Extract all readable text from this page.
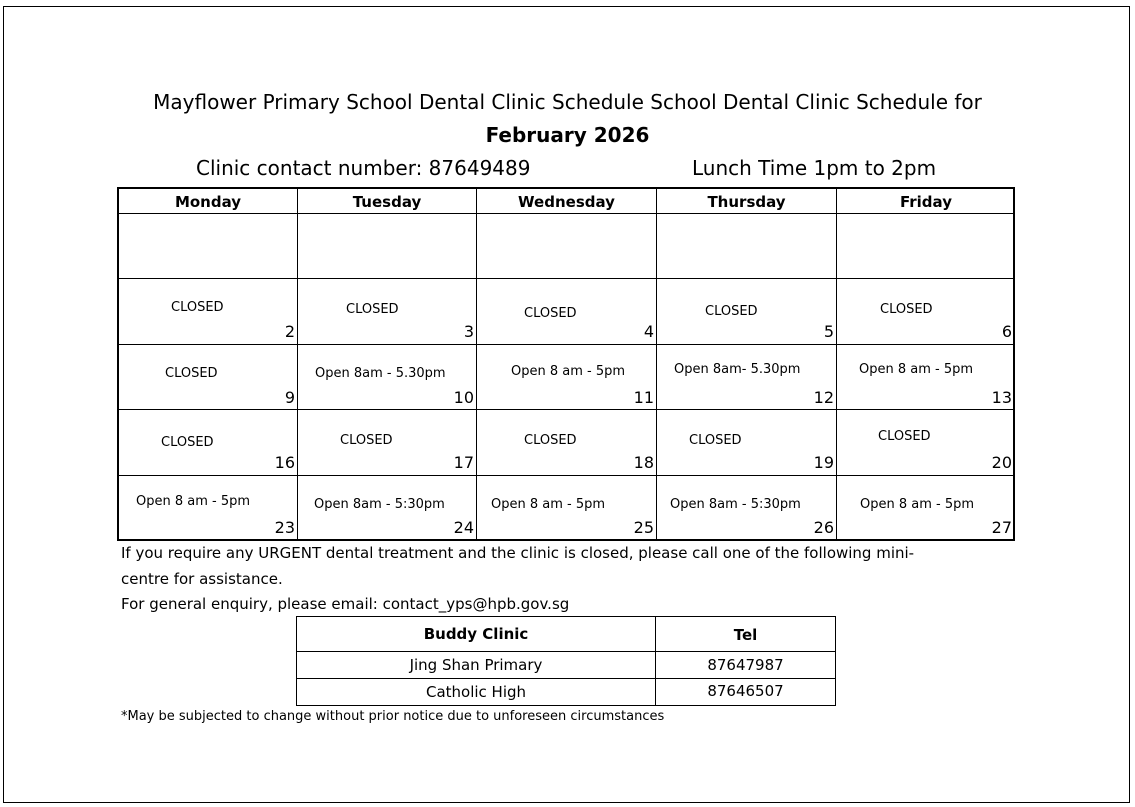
Mayflower Primary School Dental Clinic Schedule School Dental Clinic Schedule for
February 2026
Clinic contact number: 87649489	Lunch Time 1pm to 2pm
Monday	Tuesday	Wednesday	Thursday	Friday
CLOSED	CLOSED	CLOSED	CLOSED	CLOSED
2	3	4	5	6
CLOSED	Open 8am - 5.30pm	Open 8 am - 5pm	Open 8am- 5.30pm	Open 8 am - 5pm
9	10	11	12	13
CLOSED	CLOSED	CLOSED	CLOSED	CLOSED
16	17	18	19	20
Open 8 am - 5pm	Open 8am - 5:30pm	Open 8 am - 5pm	Open 8am - 5:30pm	Open 8 am - 5pm
23	24	25	26	27
If you require any URGENT dental treatment and the clinic is closed, please call one of the following mini-
centre for assistance.
For general enquiry, please email: contact_yps@hpb.gov.sg
Buddy Clinic	Tel
Jing Shan Primary	87647987
Catholic High	87646507
*May be subjected to change without prior notice due to unforeseen circumstances
